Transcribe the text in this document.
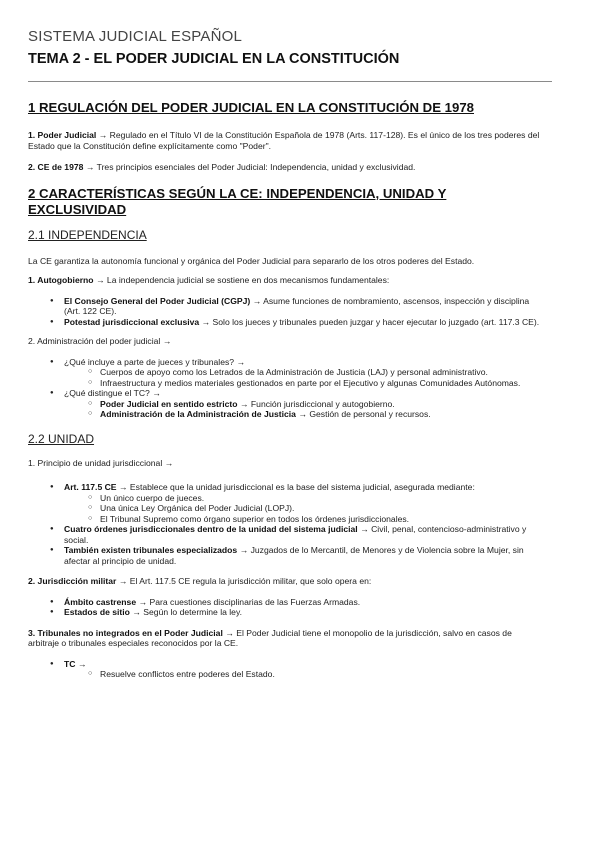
SISTEMA JUDICIAL ESPAÑOL
TEMA 2 - EL PODER JUDICIAL EN LA CONSTITUCIÓN
1 REGULACIÓN DEL PODER JUDICIAL EN LA CONSTITUCIÓN DE 1978

1. Poder Judicial → Regulado en el Título VI de la Constitución Española de 1978 (Arts. 117-128). Es el único de los tres poderes del Estado que la Constitución define explícitamente como "Poder".

2. CE de 1978 → Tres principios esenciales del Poder Judicial: Independencia, unidad y exclusividad.

2 CARACTERÍSTICAS SEGÚN LA CE: INDEPENDENCIA, UNIDAD Y EXCLUSIVIDAD
2.1 INDEPENDENCIA

La CE garantiza la autonomía funcional y orgánica del Poder Judicial para separarlo de los otros poderes del Estado.

1. Autogobierno → La independencia judicial se sostiene en dos mecanismos fundamentales:

● El Consejo General del Poder Judicial (CGPJ) → Asume funciones de nombramiento, ascensos, inspección y disciplina (Art. 122 CE).
● Potestad jurisdiccional exclusiva → Solo los jueces y tribunales pueden juzgar y hacer ejecutar lo juzgado (art. 117.3 CE).

2. Administración del poder judicial →

● ¿Qué incluye a parte de jueces y tribunales? →
○ Cuerpos de apoyo como los Letrados de la Administración de Justicia (LAJ) y personal administrativo.
○ Infraestructura y medios materiales gestionados en parte por el Ejecutivo y algunas Comunidades Autónomas.
● ¿Qué distingue el TC? →
○ Poder Judicial en sentido estricto → Función jurisdiccional y autogobierno.
○ Administración de la Administración de Justicia → Gestión de personal y recursos.
2.2 UNIDAD

1. Principio de unidad jurisdiccional →

● Art. 117.5 CE → Establece que la unidad jurisdiccional es la base del sistema judicial, asegurada mediante:
○ Un único cuerpo de jueces.
○ Una única Ley Orgánica del Poder Judicial (LOPJ).
○ El Tribunal Supremo como órgano superior en todos los órdenes jurisdiccionales.
● Cuatro órdenes jurisdiccionales dentro de la unidad del sistema judicial → Civil, penal, contencioso-administrativo y social.
● También existen tribunales especializados → Juzgados de lo Mercantil, de Menores y de Violencia sobre la Mujer, sin afectar al principio de unidad.

2. Jurisdicción militar → El Art. 117.5 CE regula la jurisdicción militar, que solo opera en:

● Ámbito castrense → Para cuestiones disciplinarias de las Fuerzas Armadas.
● Estados de sitio → Según lo determine la ley.

3. Tribunales no integrados en el Poder Judicial → El Poder Judicial tiene el monopolio de la jurisdicción, salvo en casos de arbitraje o tribunales especiales reconocidos por la CE.

● TC →
○ Resuelve conflictos entre poderes del Estado.
